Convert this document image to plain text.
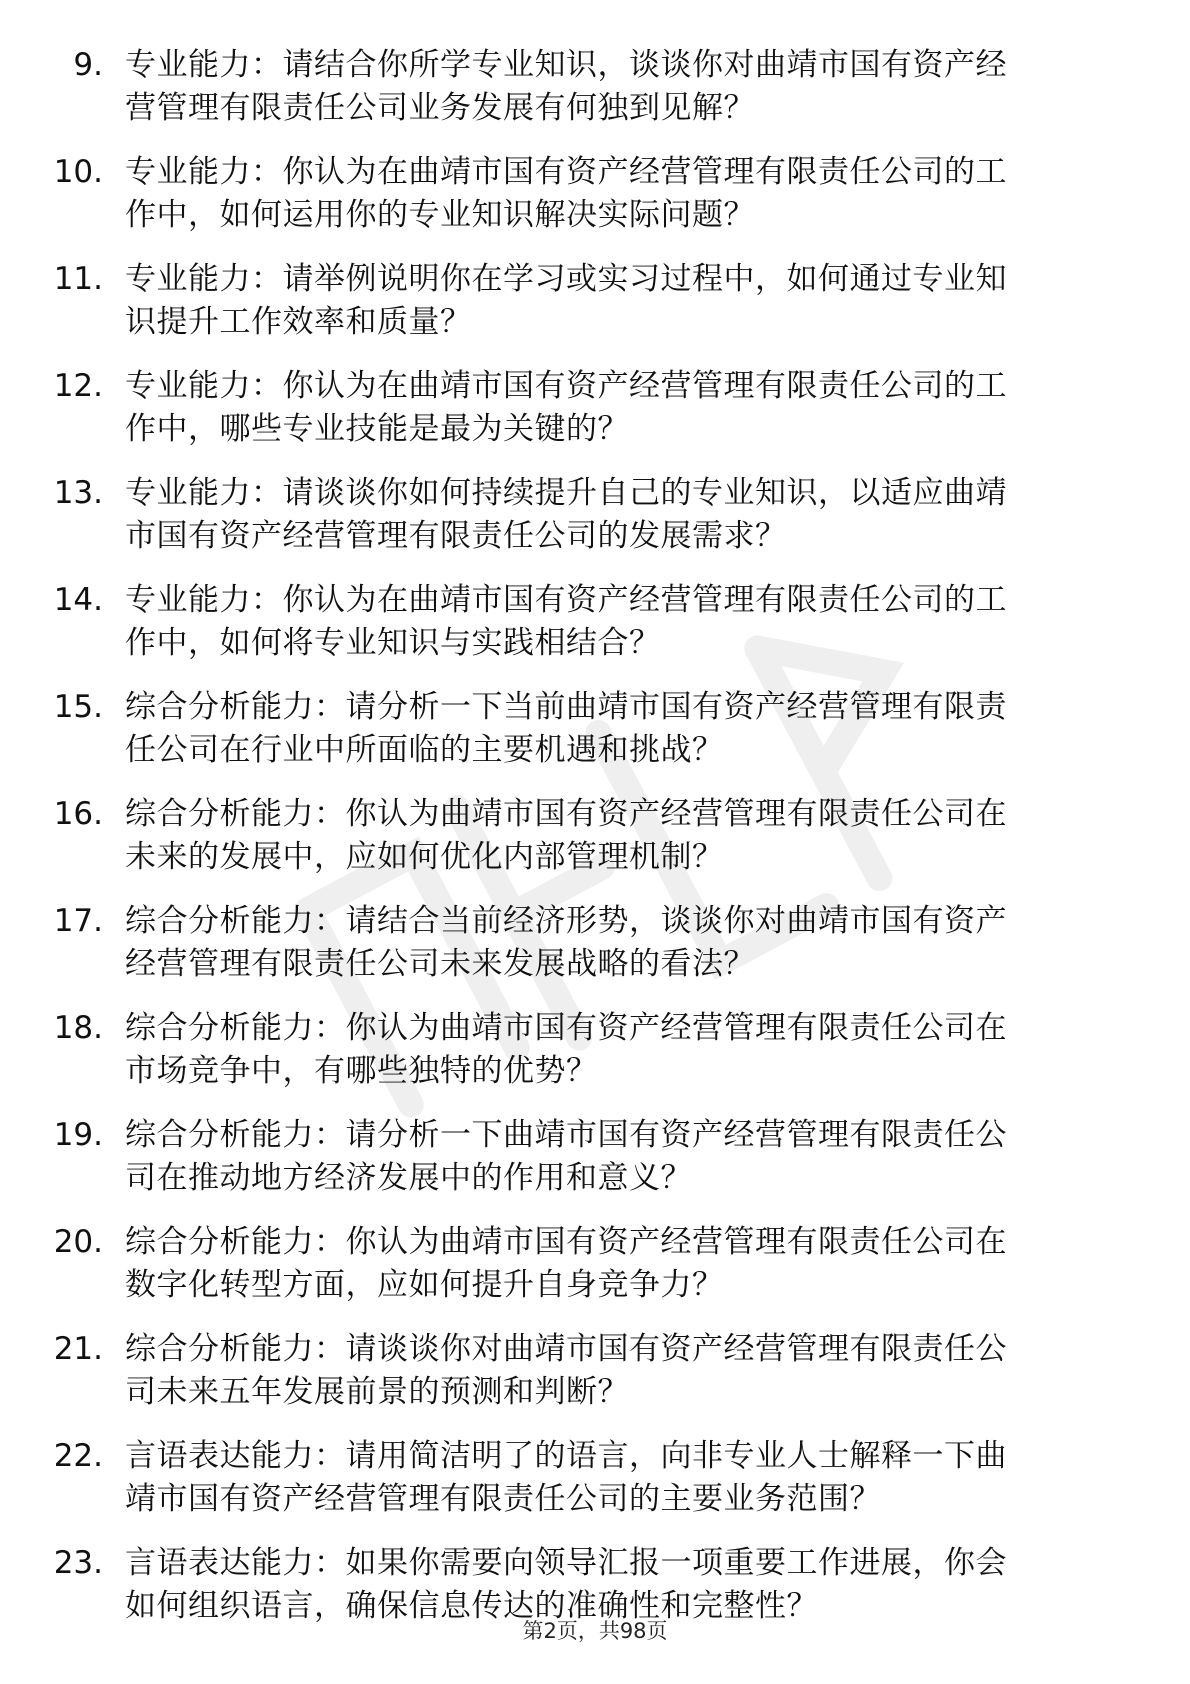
9. 专业能力：请结合你所学专业知识，谈谈你对曲靖市国有资产经
营管理有限责任公司业务发展有何独到见解？
10. 专业能力：你认为在曲靖市国有资产经营管理有限责任公司的工
作中，如何运用你的专业知识解决实际问题？
11. 专业能力：请举例说明你在学习或实习过程中，如何通过专业知
识提升工作效率和质量？
12. 专业能力：你认为在曲靖市国有资产经营管理有限责任公司的工
作中，哪些专业技能是最为关键的？
13. 专业能力：请谈谈你如何持续提升自己的专业知识，以适应曲靖
市国有资产经营管理有限责任公司的发展需求？
14. 专业能力：你认为在曲靖市国有资产经营管理有限责任公司的工
作中，如何将专业知识与实践相结合？
15. 综合分析能力：请分析一下当前曲靖市国有资产经营管理有限责
任公司在行业中所面临的主要机遇和挑战？
16. 综合分析能力：你认为曲靖市国有资产经营管理有限责任公司在
未来的发展中，应如何优化内部管理机制？
17. 综合分析能力：请结合当前经济形势，谈谈你对曲靖市国有资产
经营管理有限责任公司未来发展战略的看法？
18. 综合分析能力：你认为曲靖市国有资产经营管理有限责任公司在
市场竞争中，有哪些独特的优势？
19. 综合分析能力：请分析一下曲靖市国有资产经营管理有限责任公
司在推动地方经济发展中的作用和意义？
20. 综合分析能力：你认为曲靖市国有资产经营管理有限责任公司在
数字化转型方面，应如何提升自身竞争力？
21. 综合分析能力：请谈谈你对曲靖市国有资产经营管理有限责任公
司未来五年发展前景的预测和判断？
22. 言语表达能力：请用简洁明了的语言，向非专业人士解释一下曲
靖市国有资产经营管理有限责任公司的主要业务范围？
23. 言语表达能力：如果你需要向领导汇报一项重要工作进展，你会
如何组织语言，确保信息传达的准确性和完整性？
第2页，共98页
